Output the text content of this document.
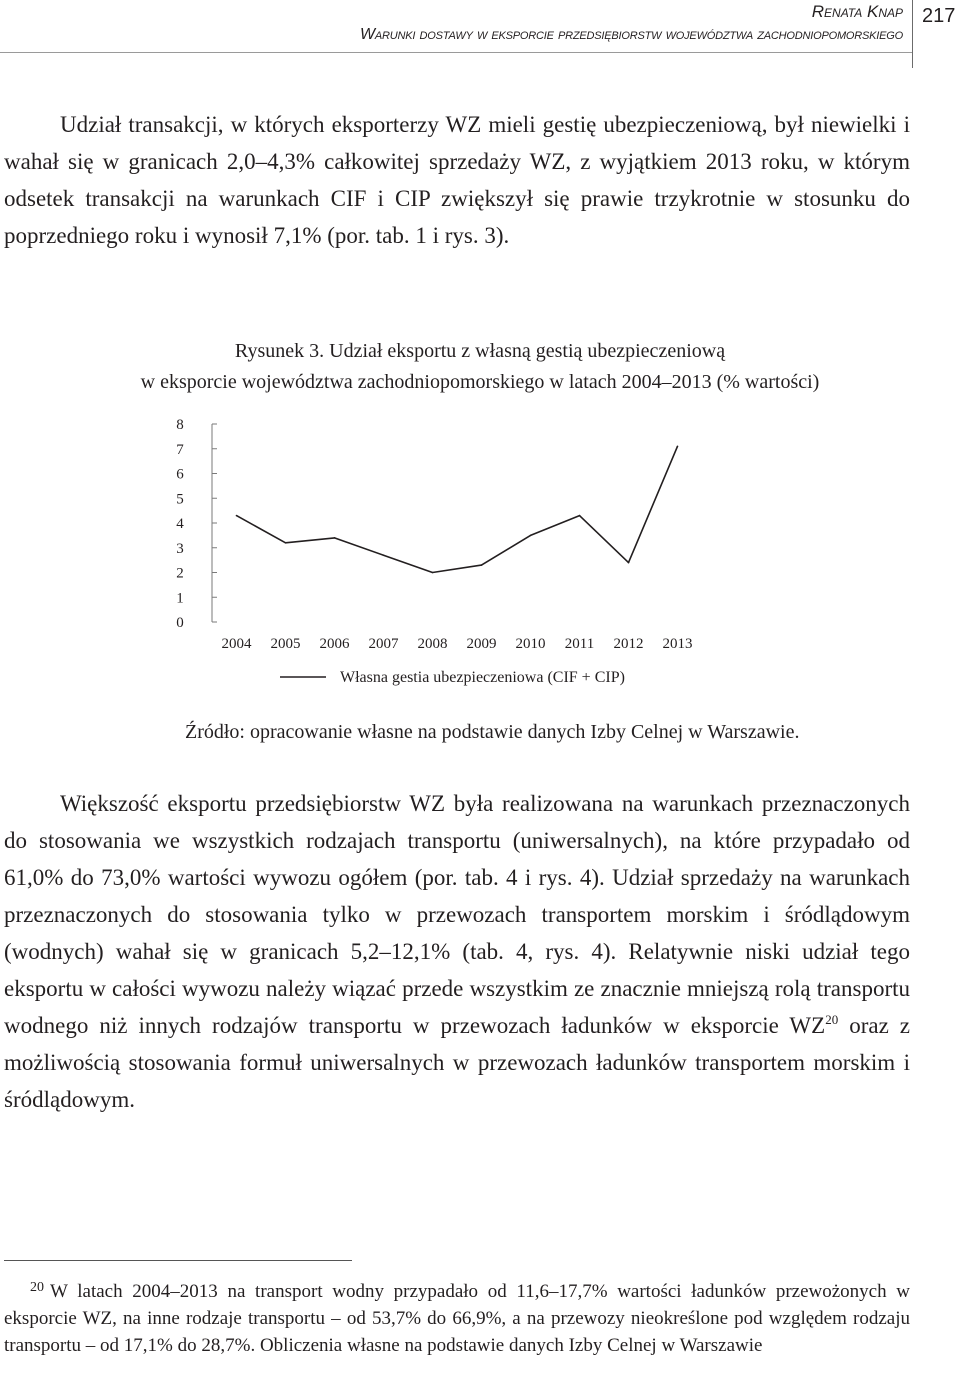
Renata Knap
Warunki dostawy w eksporcie przedsiębiorstw województwa zachodniopomorskiego
217

Udział transakcji, w których eksporterzy WZ mieli gestię ubezpieczeniową, był niewielki i wahał się w granicach 2,0–4,3% całkowitej sprzedaży WZ, z wyjątkiem 2013 roku, w którym odsetek transakcji na warunkach CIF i CIP zwiększył się prawie trzykrotnie w stosunku do poprzedniego roku i wynosił 7,1% (por. tab. 1 i rys. 3).

Rysunek 3. Udział eksportu z własną gestią ubezpieczeniową
w eksporcie województwa zachodniopomorskiego w latach 2004–2013 (% wartości)
0
1
2
3
4
5
6
7
8
2004 2005 2006 2007 2008 2009 2010 2011 2012 2013
Własna gestia ubezpieczeniowa (CIF + CIP)
Źródło: opracowanie własne na podstawie danych Izby Celnej w Warszawie.

Większość eksportu przedsiębiorstw WZ była realizowana na warunkach przeznaczonych do stosowania we wszystkich rodzajach transportu (uniwersalnych), na które przypadało od 61,0% do 73,0% wartości wywozu ogółem (por. tab. 4 i rys. 4). Udział sprzedaży na warunkach przeznaczonych do stosowania tylko w przewozach transportem morskim i śródlądowym (wodnych) wahał się w granicach 5,2–12,1% (tab. 4, rys. 4). Relatywnie niski udział tego eksportu w całości wywozu należy wiązać przede wszystkim ze znacznie mniejszą rolą transportu wodnego niż innych rodzajów transportu w przewozach ładunków w eksporcie WZ$^{20}$ oraz z możliwością stosowania formuł uniwersalnych w przewozach ładunków transportem morskim i śródlądowym.

$^{20}$ W latach 2004–2013 na transport wodny przypadało od 11,6–17,7% wartości ładunków przewożonych w eksporcie WZ, na inne rodzaje transportu – od 53,7% do 66,9%, a na przewozy nieokreślone pod względem rodzaju transportu – od 17,1% do 28,7%. Obliczenia własne na podstawie danych Izby Celnej w Warszawie
